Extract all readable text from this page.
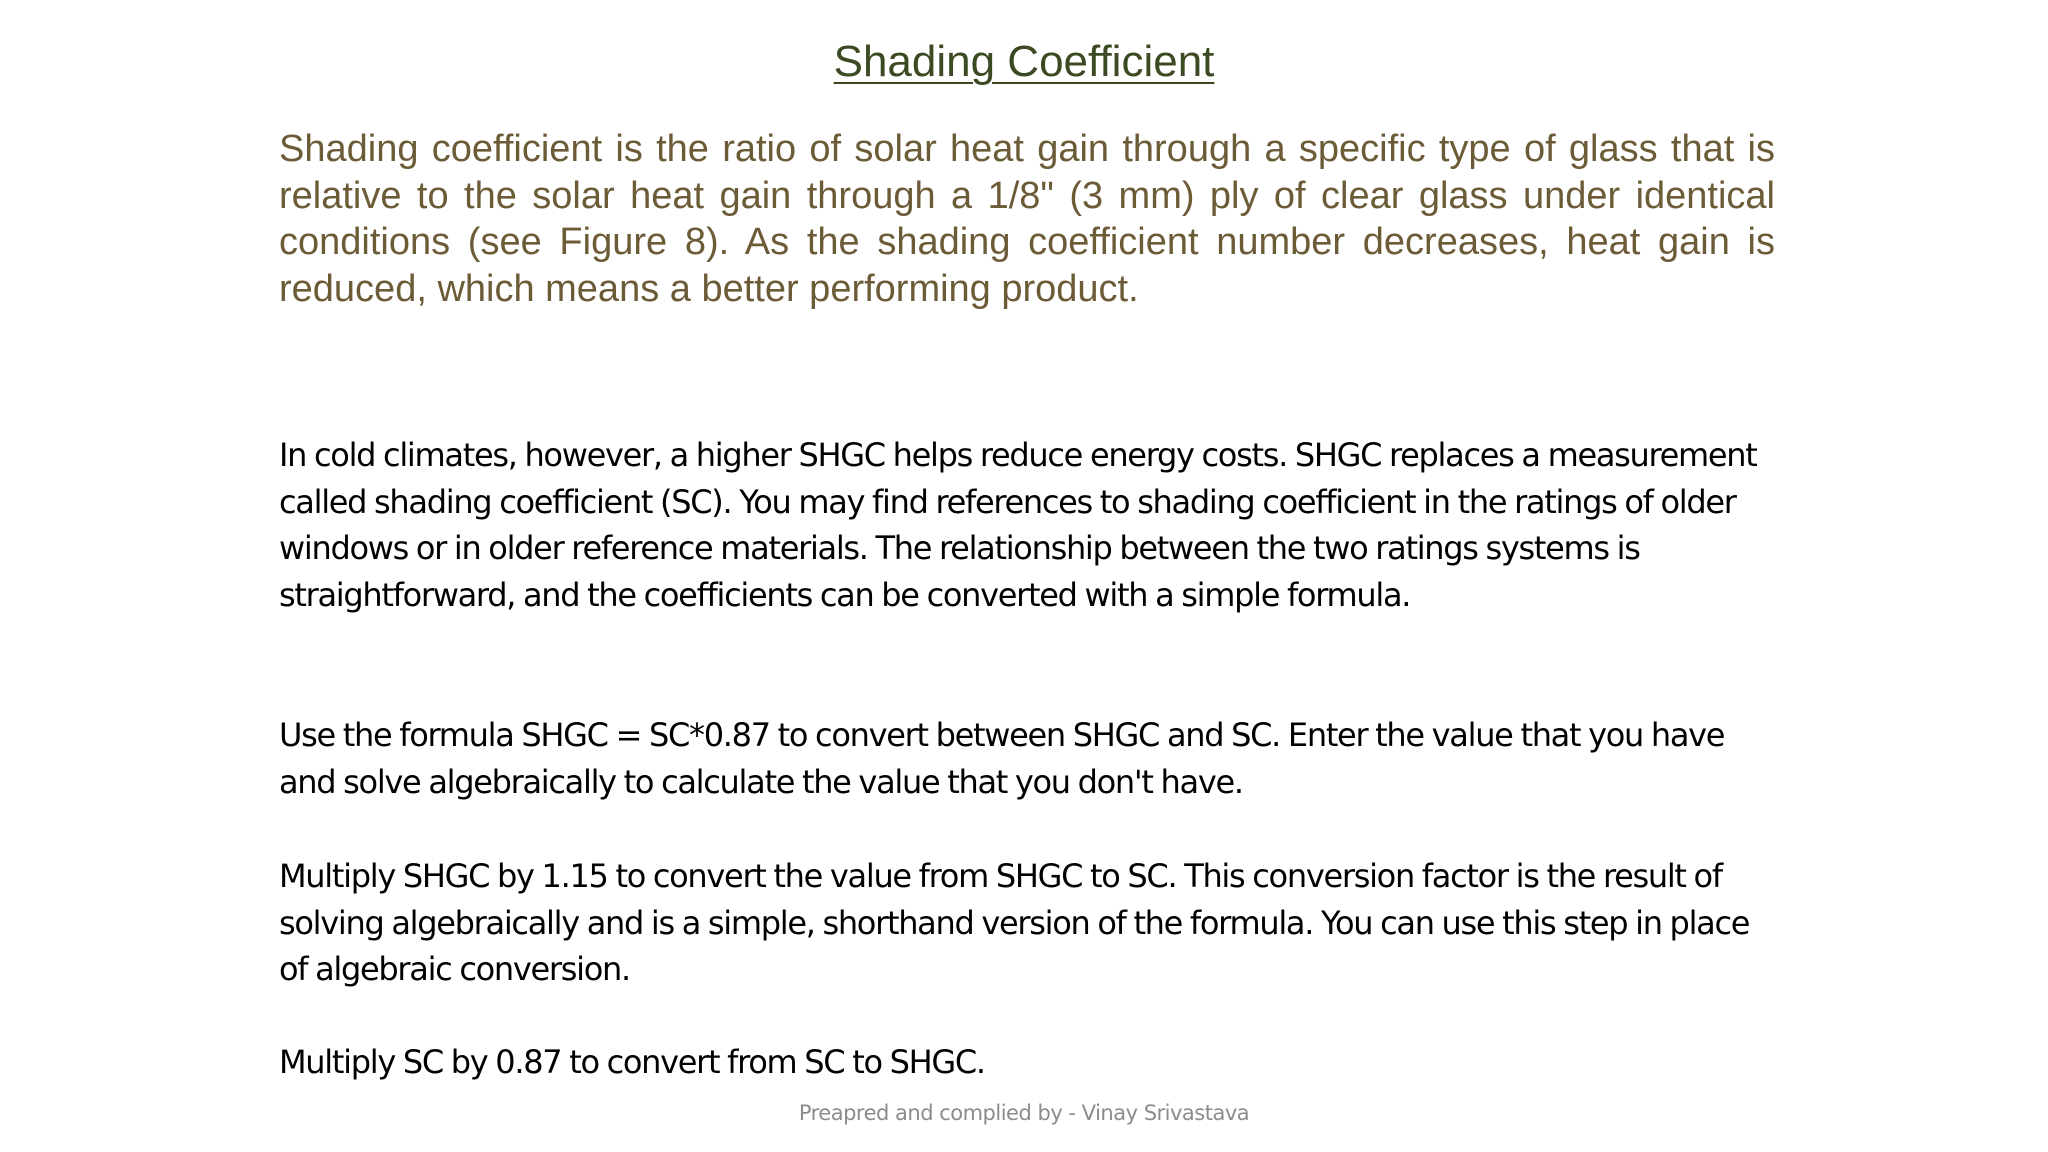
Shading Coefficient
Shading coefficient is the ratio of solar heat gain through a specific type of glass that is relative to the solar heat gain through a 1/8" (3 mm) ply of clear glass under identical conditions (see Figure 8). As the shading coefficient number decreases, heat gain is reduced, which means a better performing product.
In cold climates, however, a higher SHGC helps reduce energy costs. SHGC replaces a measurement called shading coefficient (SC). You may find references to shading coefficient in the ratings of older windows or in older reference materials. The relationship between the two ratings systems is straightforward, and the coefficients can be converted with a simple formula.
Use the formula SHGC = SC*0.87 to convert between SHGC and SC. Enter the value that you have and solve algebraically to calculate the value that you don't have.
Multiply SHGC by 1.15 to convert the value from SHGC to SC. This conversion factor is the result of solving algebraically and is a simple, shorthand version of the formula. You can use this step in place of algebraic conversion.
Multiply SC by 0.87 to convert from SC to SHGC.
Preapred and complied by - Vinay Srivastava
